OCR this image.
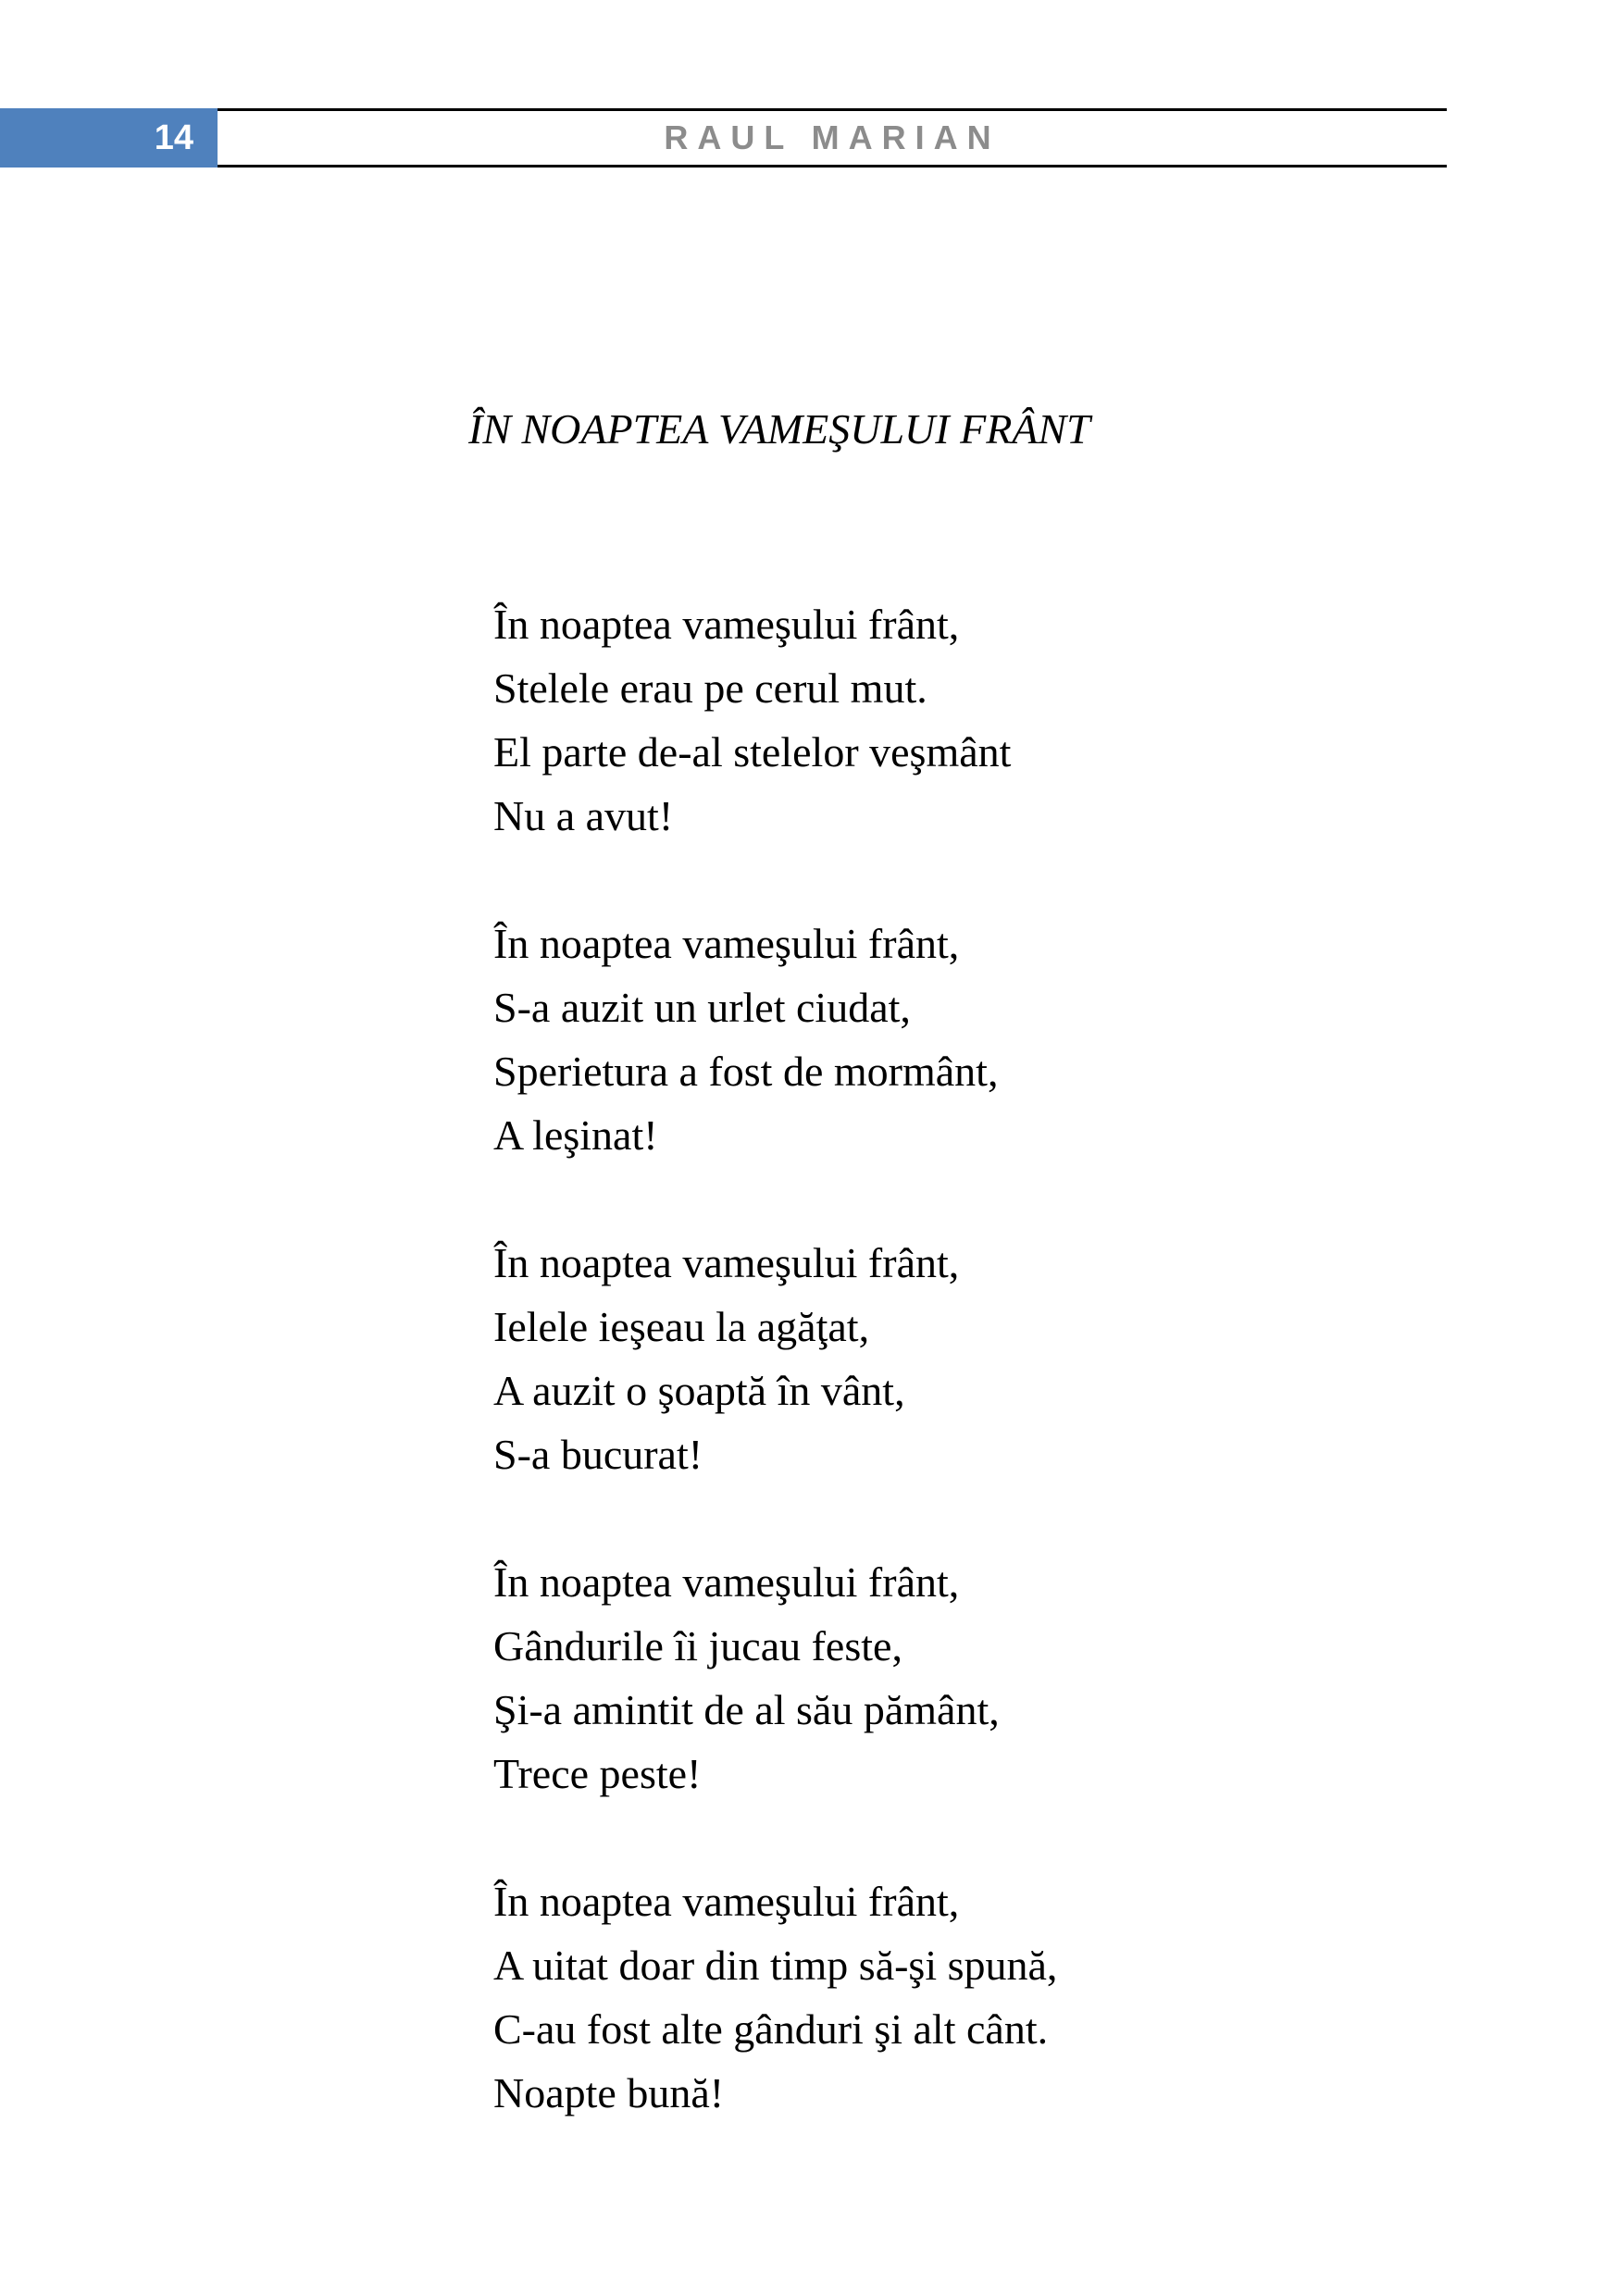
14	RAUL MARIAN
ÎN NOAPTEA VAMEŞULUI FRÂNT
În noaptea vameşului frânt,
Stelele erau pe cerul mut.
El parte de-al stelelor veşmânt
Nu a avut!
În noaptea vameşului frânt,
S-a auzit un urlet ciudat,
Sperietura a fost de mormânt,
A leşinat!
În noaptea vameşului frânt,
Ielele ieşeau la agăţat,
A auzit o şoaptă în vânt,
S-a bucurat!
În noaptea vameşului frânt,
Gândurile îi jucau feste,
Şi-a amintit de al său pământ,
Trece peste!
În noaptea vameşului frânt,
A uitat doar din timp să-şi spună,
C-au fost alte gânduri şi alt cânt.
Noapte bună!
